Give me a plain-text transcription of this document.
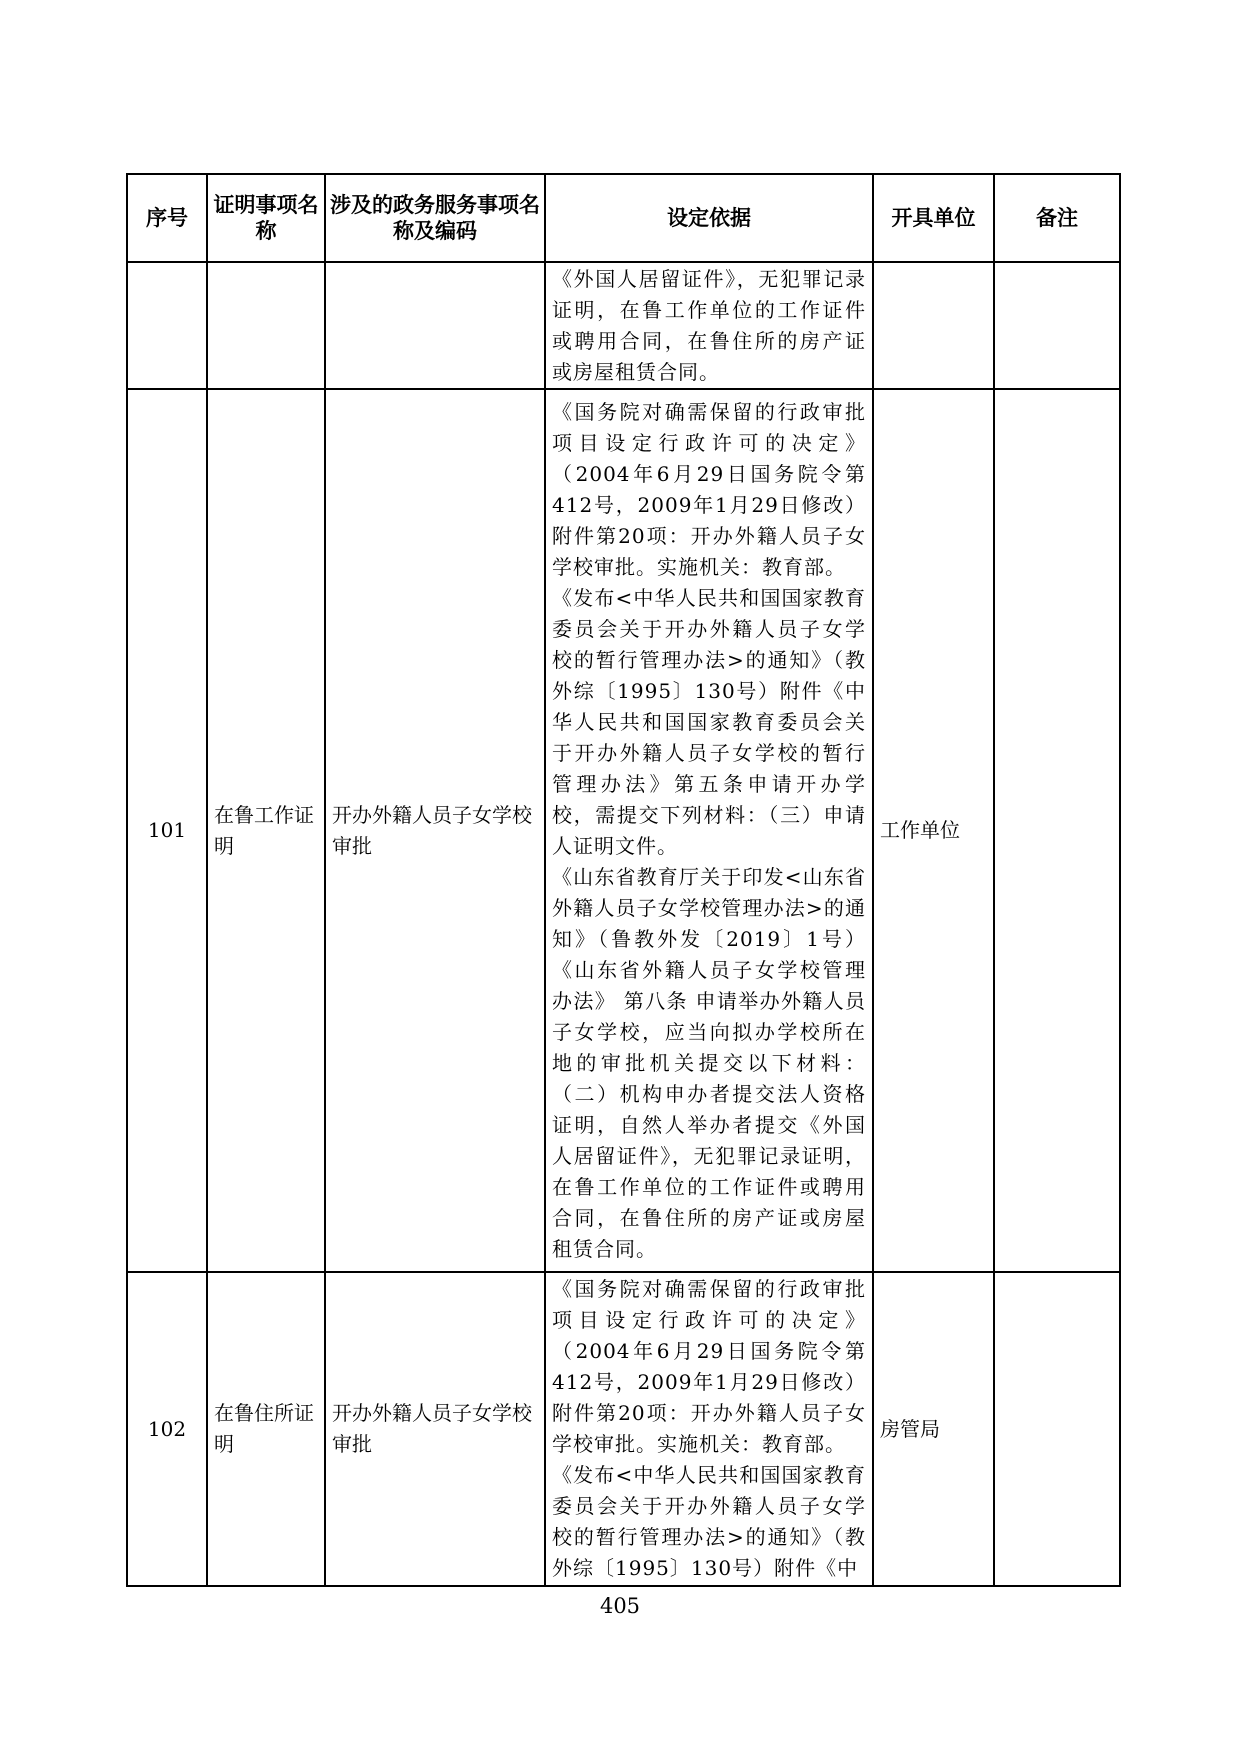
序号	证明事项名称	涉及的政务服务事项名称及编码	设定依据	开具单位	备注

			《外国人居留证件》，无犯罪记录证明，在鲁工作单位的工作证件或聘用合同，在鲁住所的房产证或房屋租赁合同。		

101	在鲁工作证明	开办外籍人员子女学校审批	《国务院对确需保留的行政审批项目设定行政许可的决定》（2004年6月29日国务院令第412号，2009年1月29日修改）附件第20项：开办外籍人员子女学校审批。实施机关：教育部。
《发布<中华人民共和国国家教育委员会关于开办外籍人员子女学校的暂行管理办法>的通知》（教外综〔1995〕130号）附件《中华人民共和国国家教育委员会关于开办外籍人员子女学校的暂行管理办法》第五条申请开办学校，需提交下列材料：（三）申请人证明文件。
《山东省教育厅关于印发<山东省外籍人员子女学校管理办法>的通知》（鲁教外发〔2019〕1号）《山东省外籍人员子女学校管理办法》 第八条 申请举办外籍人员子女学校，应当向拟办学校所在地的审批机关提交以下材料：（二）机构申办者提交法人资格证明，自然人举办者提交《外国人居留证件》，无犯罪记录证明，在鲁工作单位的工作证件或聘用合同，在鲁住所的房产证或房屋租赁合同。	工作单位	
102	在鲁住所证明	开办外籍人员子女学校审批	《国务院对确需保留的行政审批项目设定行政许可的决定》（2004年6月29日国务院令第412号，2009年1月29日修改）附件第20项：开办外籍人员子女学校审批。实施机关：教育部。
《发布<中华人民共和国国家教育委员会关于开办外籍人员子女学校的暂行管理办法>的通知》（教外综〔1995〕130号）附件《中	房管局	
405
